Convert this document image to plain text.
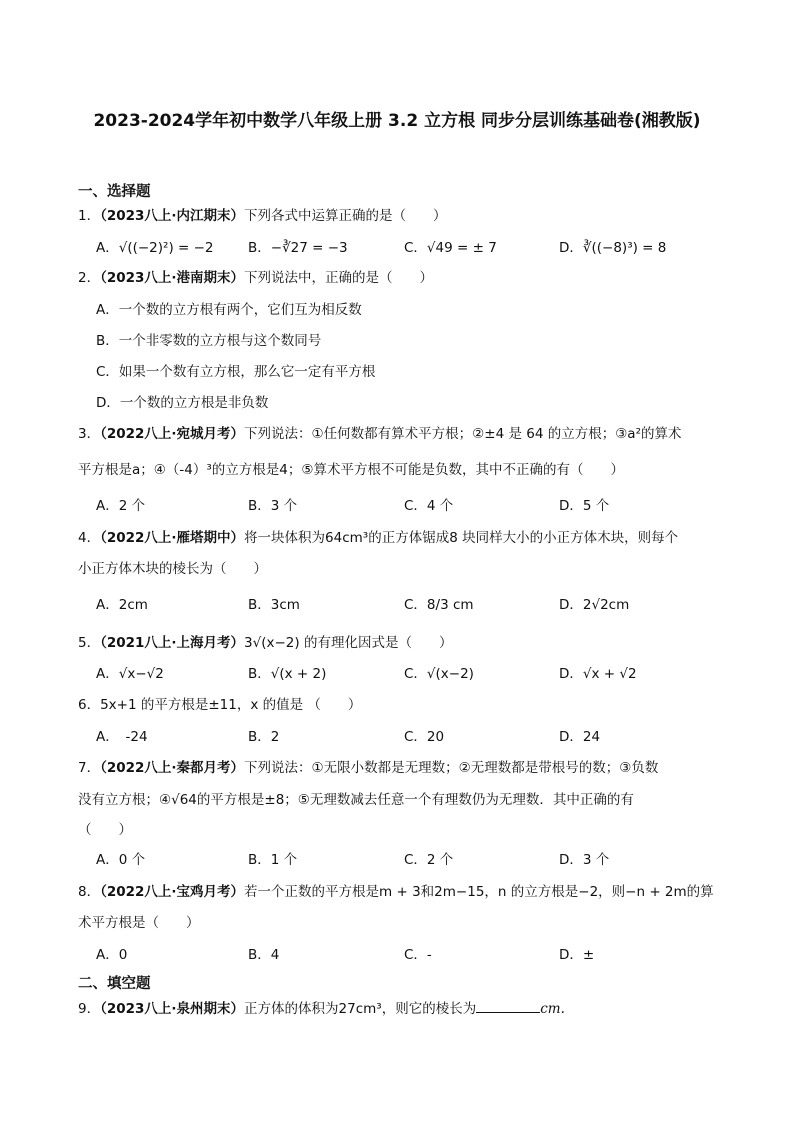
2023-2024学年初中数学八年级上册 3.2 立方根 同步分层训练基础卷(湘教版)
一、选择题
1．（2023八上·内江期末）下列各式中运算正确的是（　　）
A．√((−2)²) = −2	B．−∛27 = −3	C．√49 = ± 7	D．∛((−8)³) = 8
2．（2023八上·港南期末）下列说法中，正确的是（　　）
A．一个数的立方根有两个，它们互为相反数
B．一个非零数的立方根与这个数同号
C．如果一个数有立方根，那么它一定有平方根
D．一个数的立方根是非负数
3．（2022八上·宛城月考）下列说法：①任何数都有算术平方根；②±4 是 64 的立方根；③a²的算术
平方根是a；④（-4）³的立方根是4；⑤算术平方根不可能是负数，其中不正确的有（　　）
A．2 个	B．3 个	C．4 个	D．5 个
4．（2022八上·雁塔期中）将一块体积为64cm³的正方体锯成8 块同样大小的小正方体木块，则每个
小正方体木块的棱长为（　　）
A．2cm	B．3cm	C．8/3 cm	D．2√2cm
5．（2021八上·上海月考）3√(x−2) 的有理化因式是（　　）
A．√x−√2	B．√(x + 2)	C．√(x−2)	D．√x + √2
6．5x+1 的平方根是±11，x 的值是 （　　）
A．　-24	B．2	C．20	D．24
7．（2022八上·秦都月考）下列说法：①无限小数都是无理数；②无理数都是带根号的数；③负数
没有立方根；④√64的平方根是±8；⑤无理数减去任意一个有理数仍为无理数．其中正确的有
（　　）
A．0 个	B．1 个	C．2 个	D．3 个
8．（2022八上·宝鸡月考）若一个正数的平方根是m + 3和2m−15，n 的立方根是−2，则−n + 2m的算
术平方根是（　　）
A．0	B．4	C．-	D．±
二、填空题
9．（2023八上·泉州期末）正方体的体积为27cm³，则它的棱长为	cm.
